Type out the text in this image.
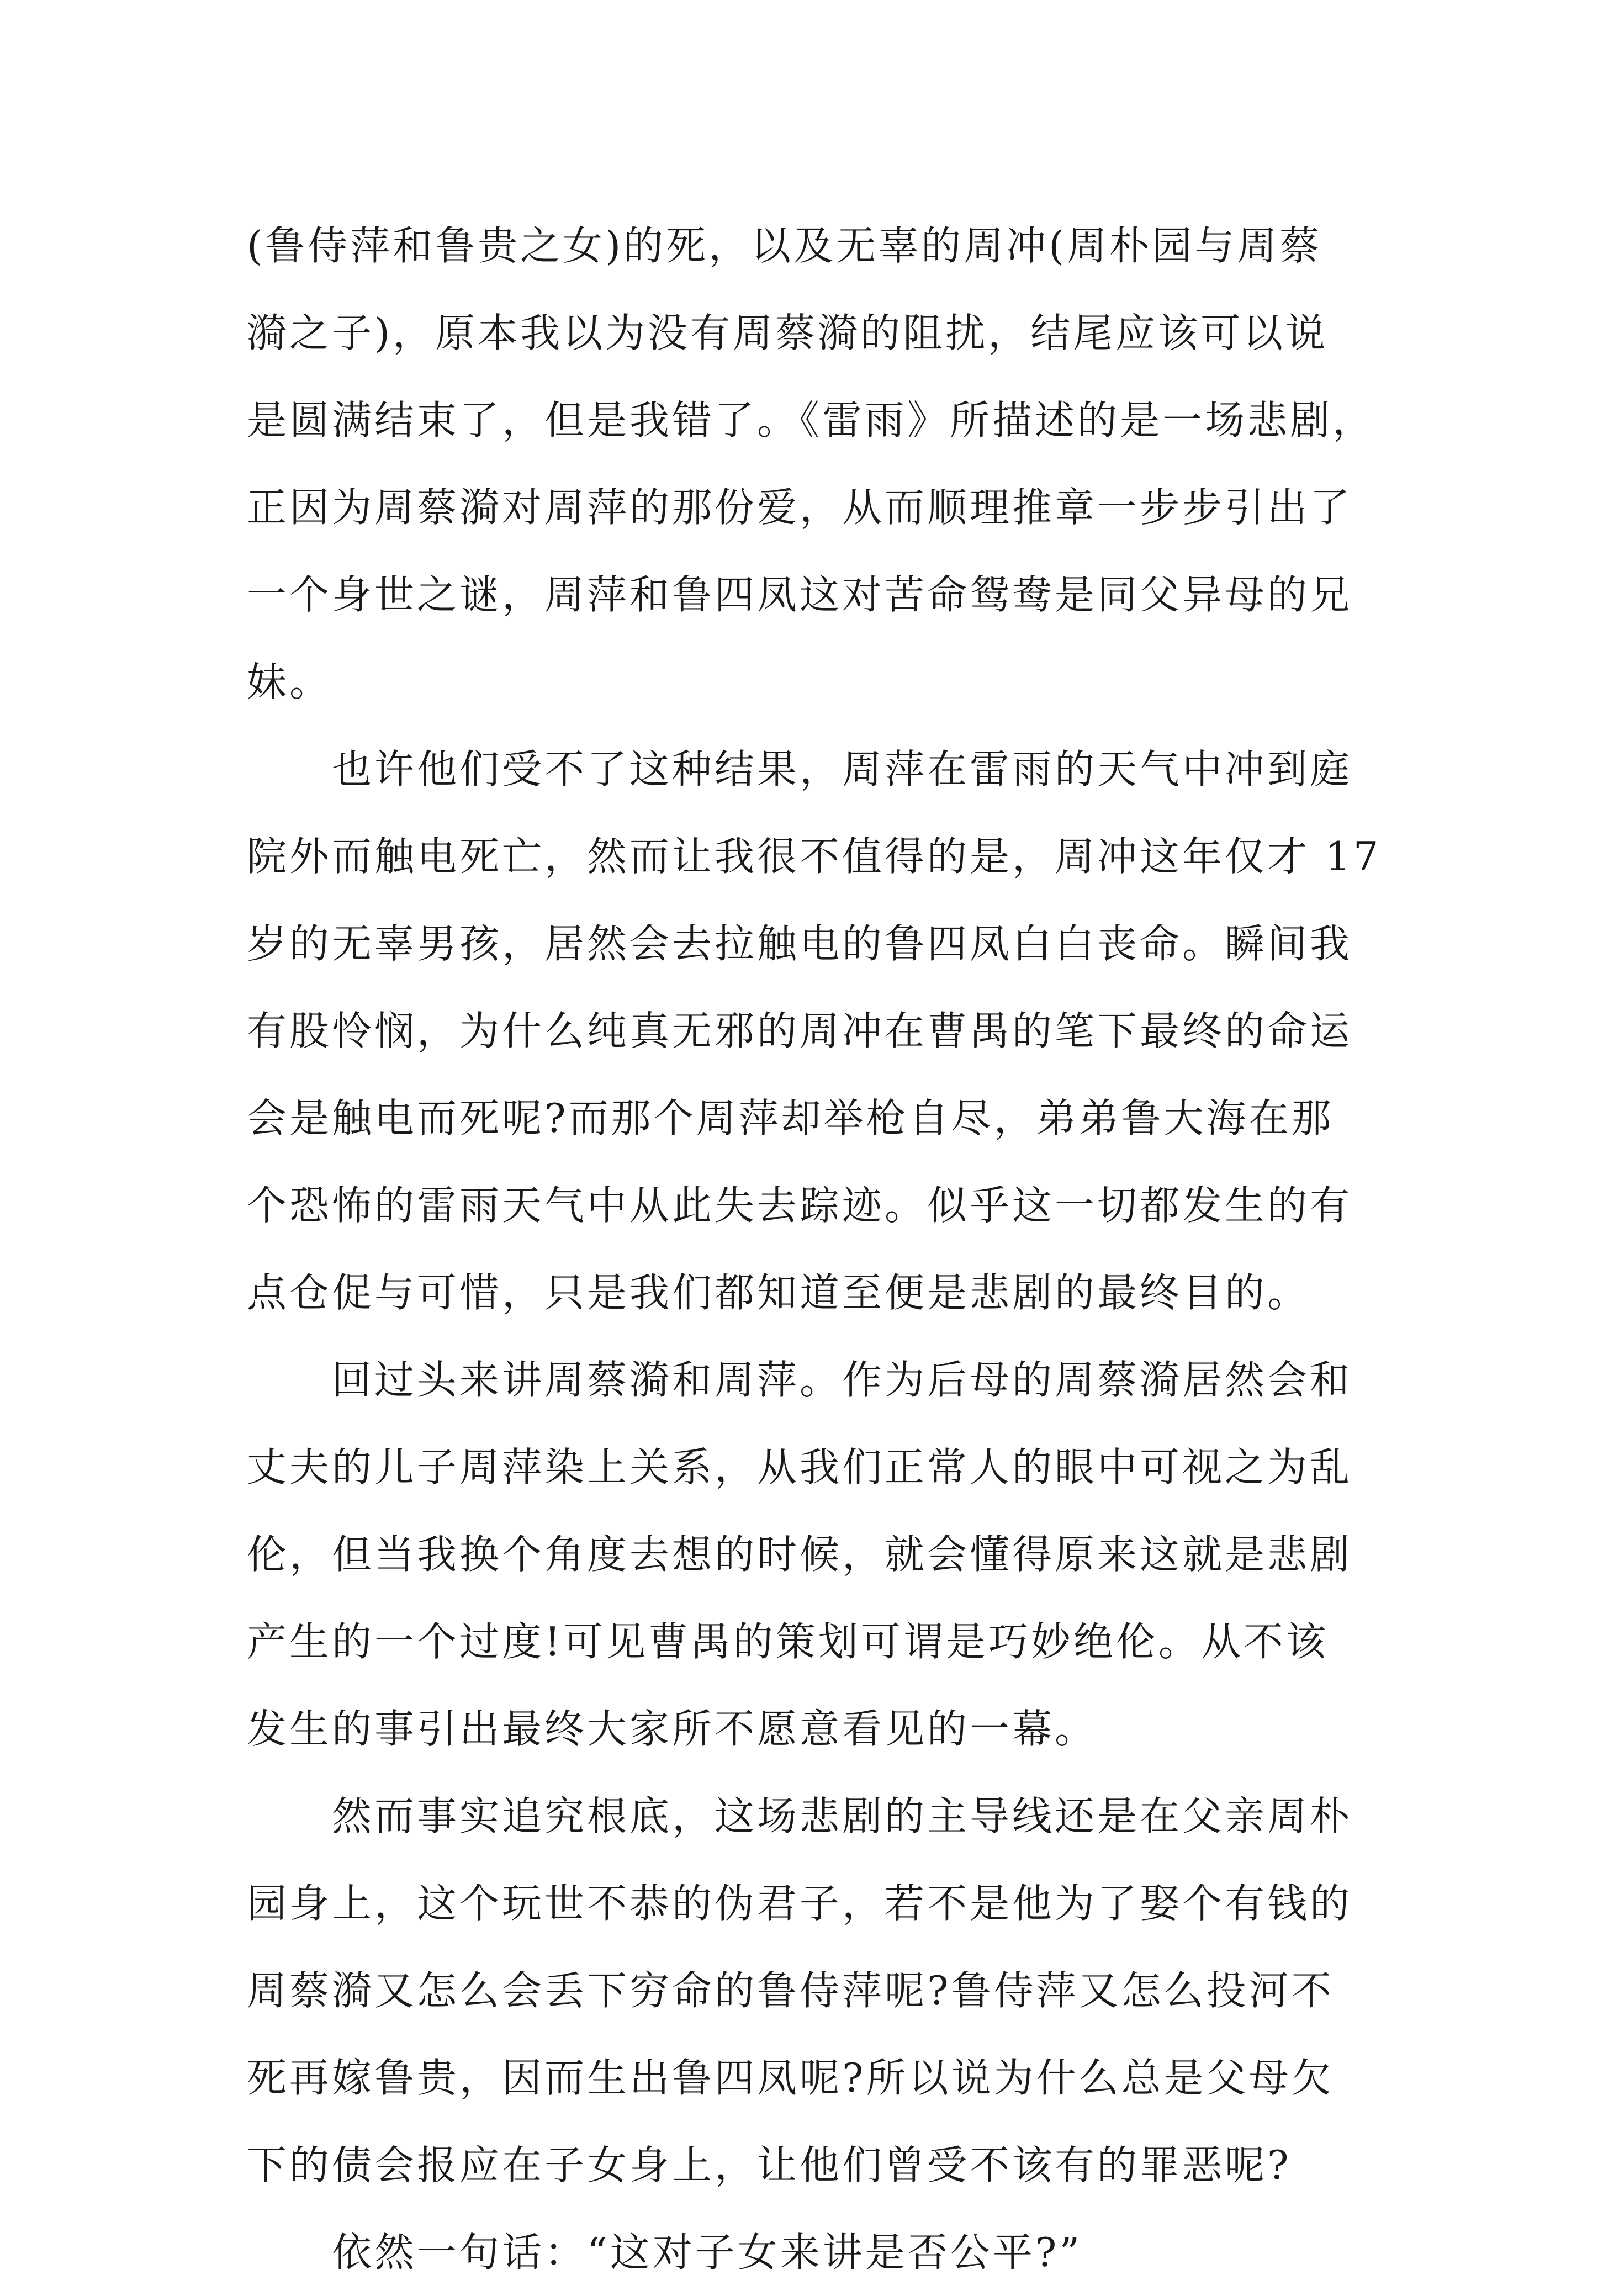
(鲁侍萍和鲁贵之女)的死，以及无辜的周冲(周朴园与周蔡
漪之子)，原本我以为没有周蔡漪的阻扰，结尾应该可以说
是圆满结束了，但是我错了。《雷雨》所描述的是一场悲剧，
正因为周蔡漪对周萍的那份爱，从而顺理推章一步步引出了
一个身世之谜，周萍和鲁四凤这对苦命鸳鸯是同父异母的兄
妹。
　　也许他们受不了这种结果，周萍在雷雨的天气中冲到庭
院外而触电死亡，然而让我很不值得的是，周冲这年仅才 17
岁的无辜男孩，居然会去拉触电的鲁四凤白白丧命。瞬间我
有股怜悯，为什么纯真无邪的周冲在曹禺的笔下最终的命运
会是触电而死呢?而那个周萍却举枪自尽，弟弟鲁大海在那
个恐怖的雷雨天气中从此失去踪迹。似乎这一切都发生的有
点仓促与可惜，只是我们都知道至便是悲剧的最终目的。
　　回过头来讲周蔡漪和周萍。作为后母的周蔡漪居然会和
丈夫的儿子周萍染上关系，从我们正常人的眼中可视之为乱
伦，但当我换个角度去想的时候，就会懂得原来这就是悲剧
产生的一个过度!可见曹禺的策划可谓是巧妙绝伦。从不该
发生的事引出最终大家所不愿意看见的一幕。
　　然而事实追究根底，这场悲剧的主导线还是在父亲周朴
园身上，这个玩世不恭的伪君子，若不是他为了娶个有钱的
周蔡漪又怎么会丢下穷命的鲁侍萍呢?鲁侍萍又怎么投河不
死再嫁鲁贵，因而生出鲁四凤呢?所以说为什么总是父母欠
下的债会报应在子女身上，让他们曾受不该有的罪恶呢?
　　依然一句话：“这对子女来讲是否公平?”
